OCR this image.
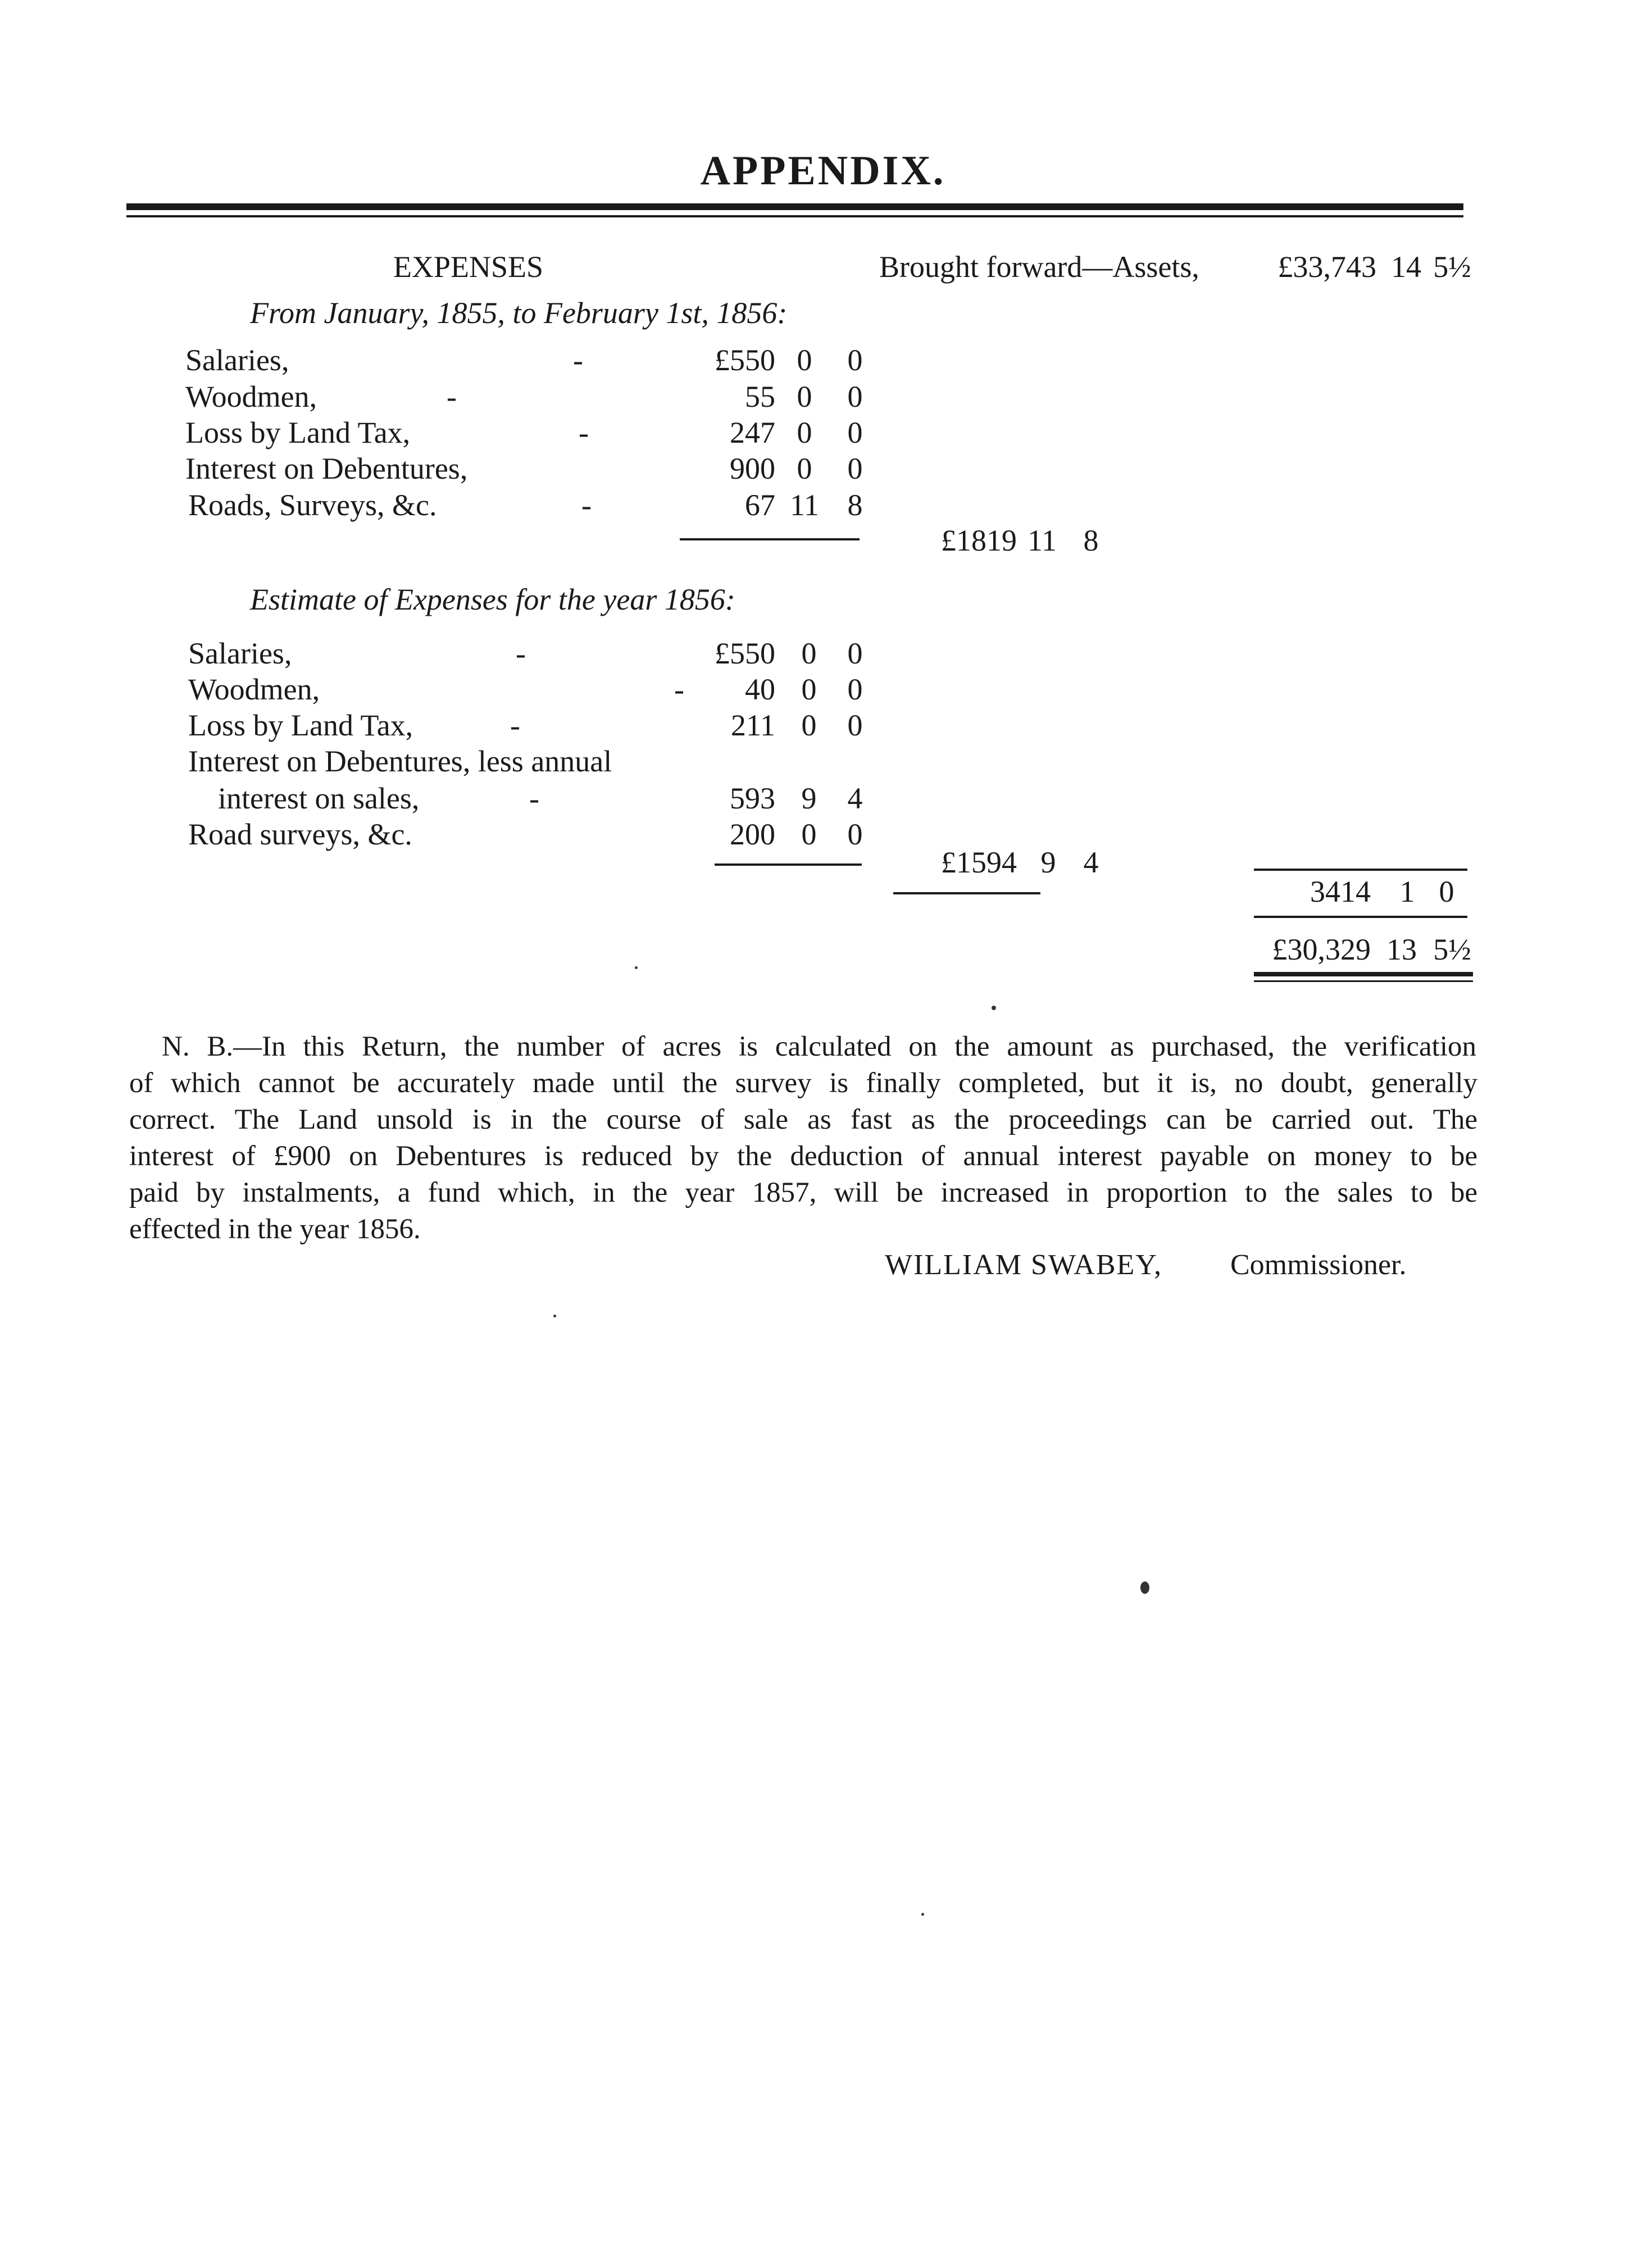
APPENDIX.
EXPENSES	Brought forward—Assets,	£33,743 14 5½
From January, 1855, to February 1st, 1856:
Salaries,	-	£550 0	0
Woodmen,	-	55 0	0
Loss by Land Tax,	-	247 0	0
Interest on Debentures,	900 0	0
Roads, Surveys, &c.	-	67 11 8
£1819 11 8
Estimate of Expenses for the year 1856:
Salaries,	-	£550 0	0
Woodmen,	-	40 0	0
Loss by Land Tax,	-	211 0	0
Interest on Debentures, less annual
interest on sales,	-	593 9	4
Road surveys, &c.	200 0	0
£1594 9 4
3414 1 0
£30,329 13 5½
N. B.—In this Return, the number of acres is calculated on the amount as purchased, the verification
of which cannot be accurately made until the survey is finally completed, but it is, no doubt, generally
correct. The Land unsold is in the course of sale as fast as the proceedings can be carried out. The
interest of £900 on Debentures is reduced by the deduction of annual interest payable on money to be
paid by instalments, a fund which, in the year 1857, will be increased in proportion to the sales to be
effected in the year 1856.
WILLIAM SWABEY, Commissioner.
